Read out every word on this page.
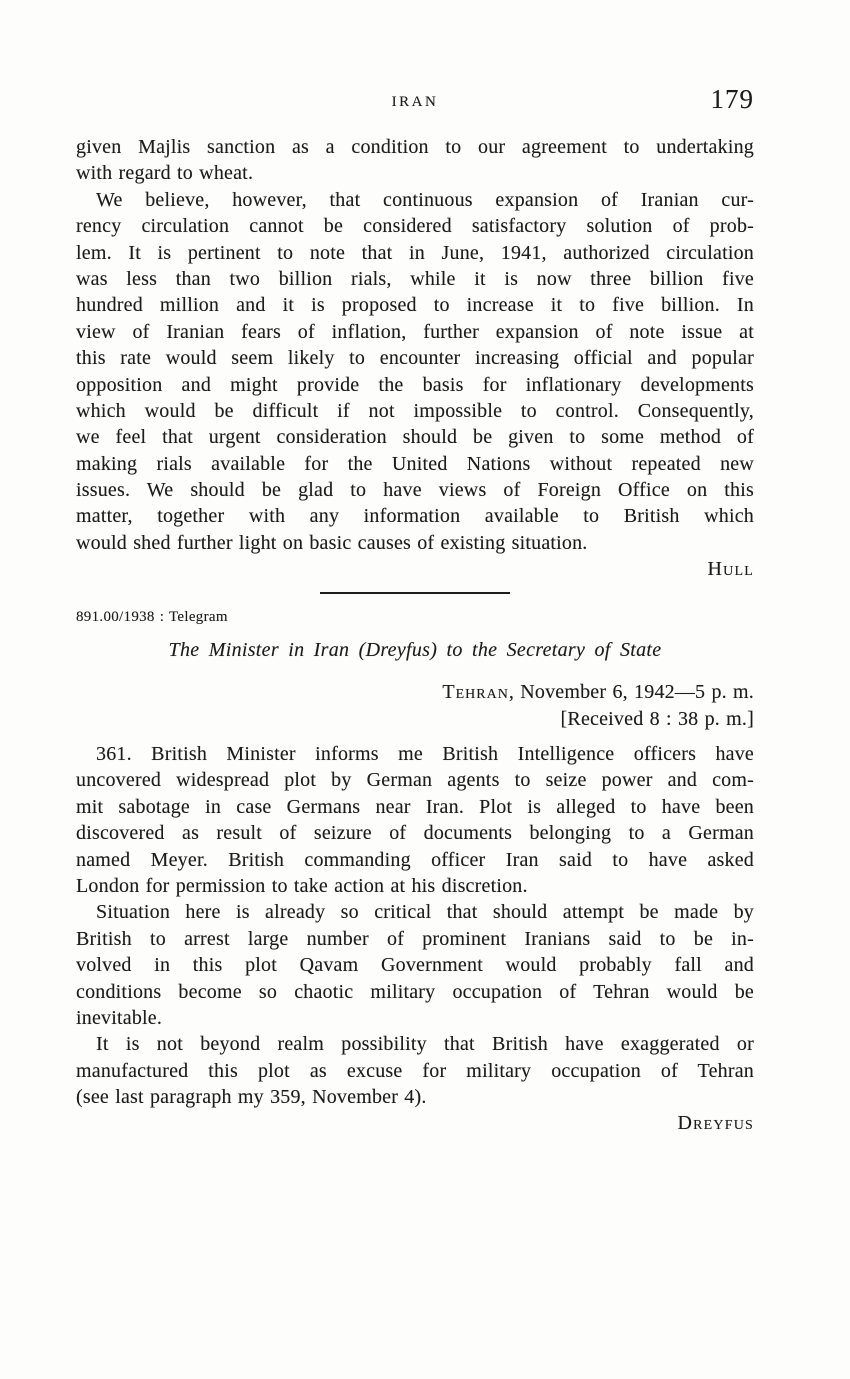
IRAN	179
given Majlis sanction as a condition to our agreement to undertaking
with regard to wheat.
We believe, however, that continuous expansion of Iranian cur-
rency circulation cannot be considered satisfactory solution of prob-
lem. It is pertinent to note that in June, 1941, authorized circulation
was less than two billion rials, while it is now three billion five
hundred million and it is proposed to increase it to five billion. In
view of Iranian fears of inflation, further expansion of note issue at
this rate would seem likely to encounter increasing official and popular
opposition and might provide the basis for inflationary developments
which would be difficult if not impossible to control. Consequently,
we feel that urgent consideration should be given to some method of
making rials available for the United Nations without repeated new
issues. We should be glad to have views of Foreign Office on this
matter, together with any information available to British which
would shed further light on basic causes of existing situation.
Hull
891.00/1938 : Telegram
The Minister in Iran (Dreyfus) to the Secretary of State
Tehran, November 6, 1942—5 p. m.
[Received 8 : 38 p. m.]
361. British Minister informs me British Intelligence officers have
uncovered widespread plot by German agents to seize power and com-
mit sabotage in case Germans near Iran. Plot is alleged to have been
discovered as result of seizure of documents belonging to a German
named Meyer. British commanding officer Iran said to have asked
London for permission to take action at his discretion.
Situation here is already so critical that should attempt be made by
British to arrest large number of prominent Iranians said to be in-
volved in this plot Qavam Government would probably fall and
conditions become so chaotic military occupation of Tehran would be
inevitable.
It is not beyond realm possibility that British have exaggerated or
manufactured this plot as excuse for military occupation of Tehran
(see last paragraph my 359, November 4).
Dreyfus
